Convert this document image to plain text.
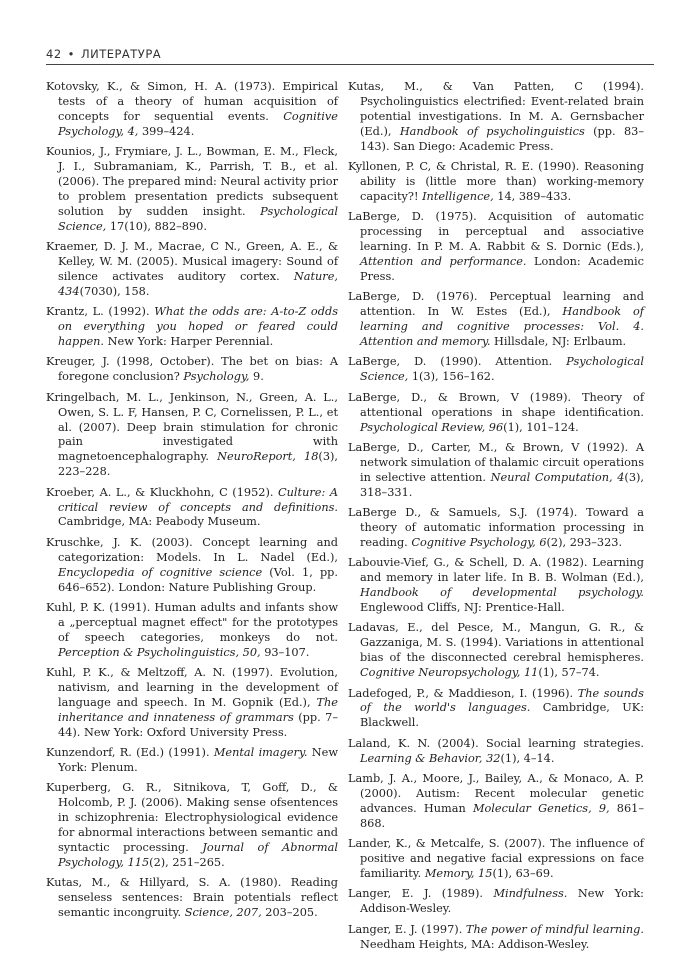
42 • ЛИТЕРАТУРА

Kotovsky, K., & Simon, H. A. (1973). Empirical tests of a theory of human acquisition of concepts for sequential events. Cognitive Psychology, 4, 399–424.

Kounios, J., Frymiare, J. L., Bowman, E. M., Fleck, J. I., Subramaniam, K., Parrish, T. B., et al. (2006). The prepared mind: Neural activity prior to problem presentation predicts subsequent solution by sudden insight. Psychological Science, 17(10), 882–890.

Kraemer, D. J. M., Macrae, C N., Green, A. E., & Kelley, W. M. (2005). Musical imagery: Sound of silence activates auditory cortex. Nature, 434(7030), 158.

Krantz, L. (1992). What the odds are: A-to-Z odds on everything you hoped or feared could happen. New York: Harper Perennial.

Kreuger, J. (1998, October). The bet on bias: A foregone conclusion? Psychology, 9.

Kringelbach, M. L., Jenkinson, N., Green, A. L., Owen, S. L. F, Hansen, P. C, Cornelissen, P. L., et al. (2007). Deep brain stimulation for chronic pain investigated with magnetoencephalography. NeuroReport, 18(3), 223–228.

Kroeber, A. L., & Kluckhohn, C (1952). Culture: A critical review of concepts and definitions. Cambridge, MA: Peabody Museum.

Kruschke, J. K. (2003). Concept learning and categorization: Models. In L. Nadel (Ed.), Encyclopedia of cognitive science (Vol. 1, pp. 646–652). London: Nature Publishing Group.

Kuhl, P. K. (1991). Human adults and infants show a „perceptual magnet effect" for the prototypes of speech categories, monkeys do not. Perception & Psycholinguistics, 50, 93–107.

Kuhl, P. K., & Meltzoff, A. N. (1997). Evolution, nativism, and learning in the development of language and speech. In M. Gopnik (Ed.), The inheritance and innateness of grammars (pp. 7–44). New York: Oxford University Press.

Kunzendorf, R. (Ed.) (1991). Mental imagery. New York: Plenum.

Kuperberg, G. R., Sitnikova, T, Goff, D., & Holcomb, P. J. (2006). Making sense ofsentences in schizophrenia: Electrophysiological evidence for abnormal interactions between semantic and syntactic processing. Journal of Abnormal Psychology, 115(2), 251–265.

Kutas, M., & Hillyard, S. A. (1980). Reading senseless sentences: Brain potentials reflect semantic incongruity. Science, 207, 203–205.

Kutas, M., & Van Patten, C (1994). Psycholinguistics electrified: Event-related brain potential investigations. In M. A. Gernsbacher (Ed.), Handbook of psycholinguistics (pp. 83–143). San Diego: Academic Press.

Kyllonen, P. C, & Christal, R. E. (1990). Reasoning ability is (little more than) working-memory capacity?! Intelligence, 14, 389–433.

LaBerge, D. (1975). Acquisition of automatic processing in perceptual and associative learning. In P. M. A. Rabbit & S. Dornic (Eds.), Attention and performance. London: Academic Press.

LaBerge, D. (1976). Perceptual learning and attention. In W. Estes (Ed.), Handbook of learning and cognitive processes: Vol. 4. Attention and memory. Hillsdale, NJ: Erlbaum.

LaBerge, D. (1990). Attention. Psychological Science, 1(3), 156–162.

LaBerge, D., & Brown, V (1989). Theory of attentional operations in shape identification. Psychological Review, 96(1), 101–124.

LaBerge, D., Carter, M., & Brown, V (1992). A network simulation of thalamic circuit operations in selective attention. Neural Computation, 4(3), 318–331.

LaBerge D., & Samuels, S.J. (1974). Toward a theory of automatic information processing in reading. Cognitive Psychology, 6(2), 293–323.

Labouvie-Vief, G., & Schell, D. A. (1982). Learning and memory in later life. In B. B. Wolman (Ed.), Handbook of developmental psychology. Englewood Cliffs, NJ: Prentice-Hall.

Ladavas, E., del Pesce, M., Mangun, G. R., & Gazzaniga, M. S. (1994). Variations in attentional bias of the disconnected cerebral hemispheres. Cognitive Neuropsychology, 11(1), 57–74.

Ladefoged, P., & Maddieson, I. (1996). The sounds of the world's languages. Cambridge, UK: Blackwell.

Laland, K. N. (2004). Social learning strategies. Learning & Behavior, 32(1), 4–14.

Lamb, J. A., Moore, J., Bailey, A., & Monaco, A. P. (2000). Autism: Recent molecular genetic advances. Human Molecular Genetics, 9, 861–868.

Lander, K., & Metcalfe, S. (2007). The influence of positive and negative facial expressions on face familiarity. Memory, 15(1), 63–69.

Langer, E. J. (1989). Mindfulness. New York: Addison-Wesley.

Langer, E. J. (1997). The power of mindful learning. Needham Heights, MA: Addison-Wesley.
